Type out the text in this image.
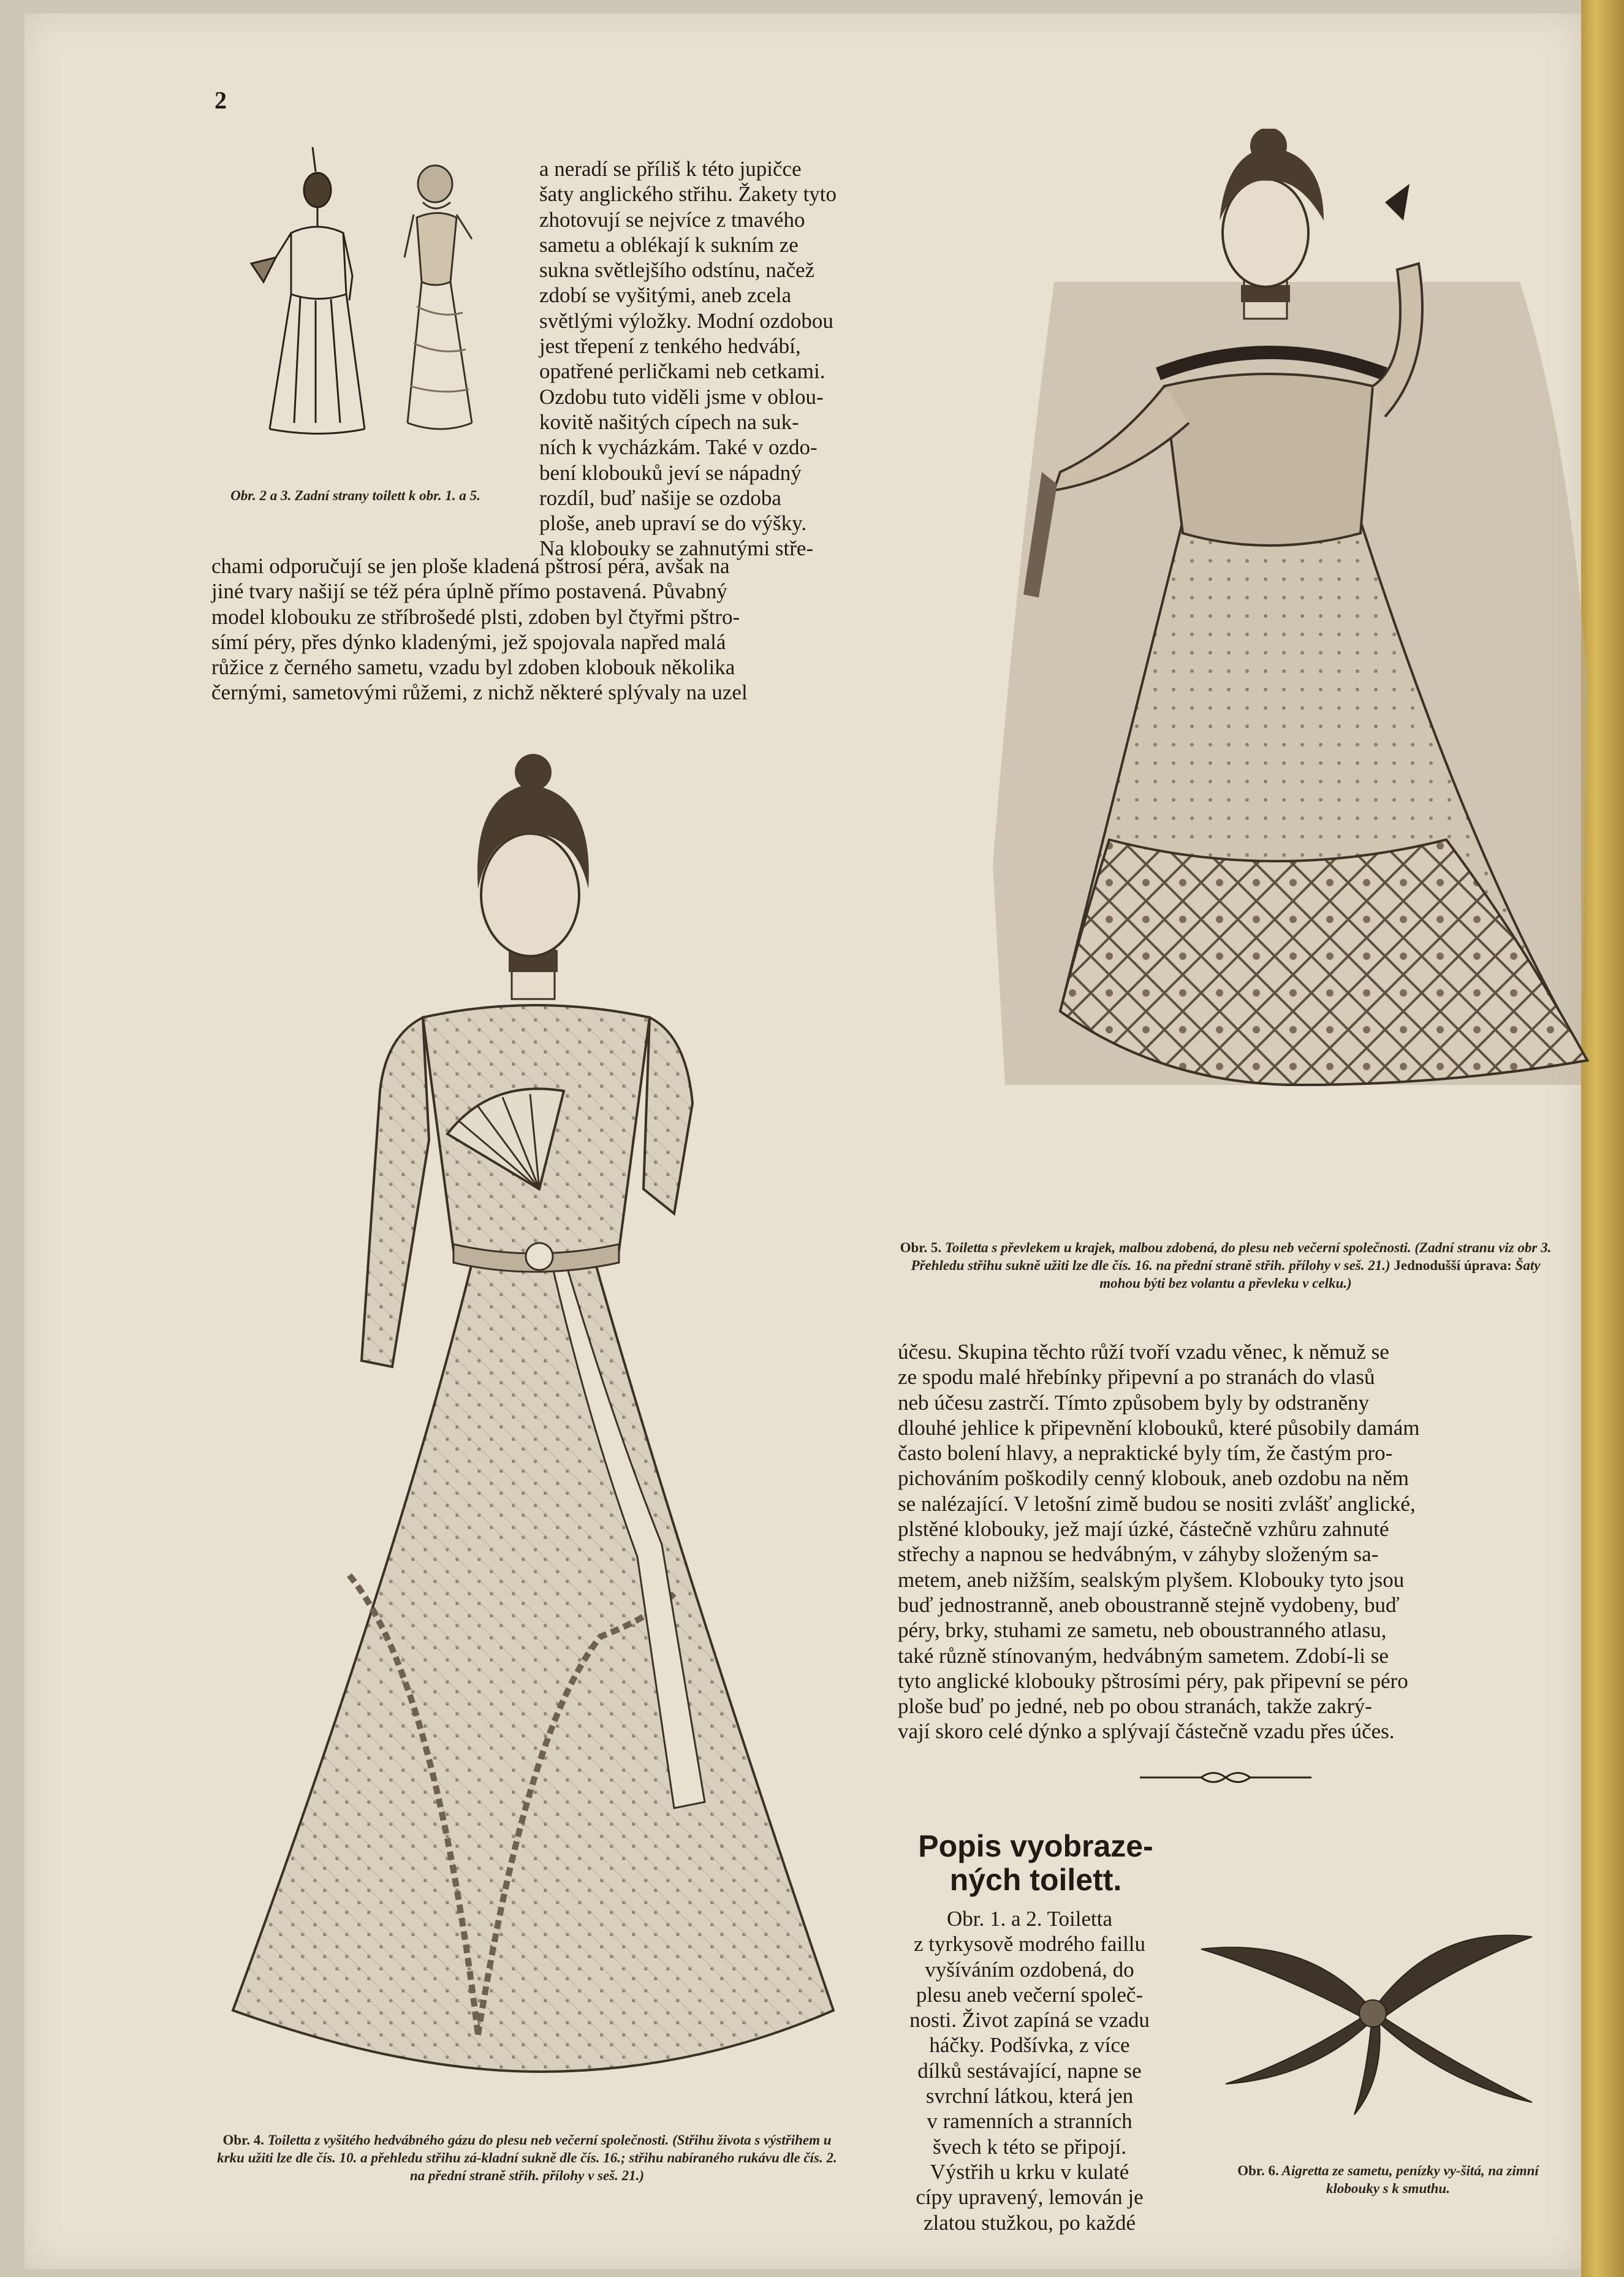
2
Obr. 2 a 3. Zadní strany toilett k obr. 1. a 5.
a neradí se příliš k této jupičce
šaty anglického střihu. Žakety tyto
zhotovují se nejvíce z tmavého
sametu a oblékají k sukním ze
sukna světlejšího odstínu, načež
zdobí se vyšitými, aneb zcela
světlými výložky. Modní ozdobou
jest třepení z tenkého hedvábí,
opatřené perličkami neb cetkami.
Ozdobu tuto viděli jsme v oblou-
kovitě našitých cípech na suk-
ních k vycházkám. Také v ozdo-
bení klobouků jeví se nápadný
rozdíl, buď našije se ozdoba
ploše, aneb upraví se do výšky.
Na klobouky se zahnutými stře-
chami odporučují se jen ploše kladená pštrosí péra, avšak na
jiné tvary našijí se též péra úplně přímo postavená. Půvabný
model klobouku ze stříbrošedé plsti, zdoben byl čtyřmi pštro-
símí péry, přes dýnko kladenými, jež spojovala napřed malá
růžice z černého sametu, vzadu byl zdoben klobouk několika
černými, sametovými růžemi, z nichž některé splývaly na uzel
Obr. 5. Toiletta s převlekem u krajek, malbou zdobená, do plesu neb večerní společnosti. (Zadní stranu viz obr 3. Přehledu střihu sukně užiti lze dle čís. 16. na přední straně střih. přílohy v seš. 21.) Jednodušší úprava: Šaty mohou býti bez volantu a převleku v celku.)
účesu. Skupina těchto růží tvoří vzadu věnec, k němuž se
ze spodu malé hřebínky připevní a po stranách do vlasů
neb účesu zastrčí. Tímto způsobem byly by odstraněny
dlouhé jehlice k připevnění klobouků, které působily damám
často bolení hlavy, a nepraktické byly tím, že častým pro-
pichováním poškodily cenný klobouk, aneb ozdobu na něm
se nalézající. V letošní zimě budou se nositi zvlášť anglické,
plstěné klobouky, jež mají úzké, částečně vzhůru zahnuté
střechy a napnou se hedvábným, v záhyby složeným sa-
metem, aneb nižším, sealským plyšem. Klobouky tyto jsou
buď jednostranně, aneb oboustranně stejně vydobeny, buď
péry, brky, stuhami ze sametu, neb oboustranného atlasu,
také různě stínovaným, hedvábným sametem. Zdobí-li se
tyto anglické klobouky pštrosími péry, pak připevní se péro
ploše buď po jedné, neb po obou stranách, takže zakrý-
vají skoro celé dýnko a splývají částečně vzadu přes účes.
Popis vyobraze-
ných toilett.
Obr. 1. a 2. Toiletta
z tyrkysově modrého faillu
vyšíváním ozdobená, do
plesu aneb večerní společ-
nosti. Život zapíná se vzadu
háčky. Podšívka, z více
dílků sestávající, napne se
svrchní látkou, která jen
v ramenních a stranních
švech k této se připojí.
Výstřih u krku v kulaté
cípy upravený, lemován je
zlatou stužkou, po každé
Obr. 4. Toiletta z vyšitého hedvábného gázu do plesu neb večerní společnosti. (Střihu života s výstřihem u krku užiti lze dle čís. 10. a přehledu střihu zá-kladní sukně dle čís. 16.; střihu nabíraného rukávu dle čís. 2. na přední straně střih. přílohy v seš. 21.)	Obr. 6. Aigretta ze sametu, penízky vy-šitá, na zimní klobouky s k smuthu.
